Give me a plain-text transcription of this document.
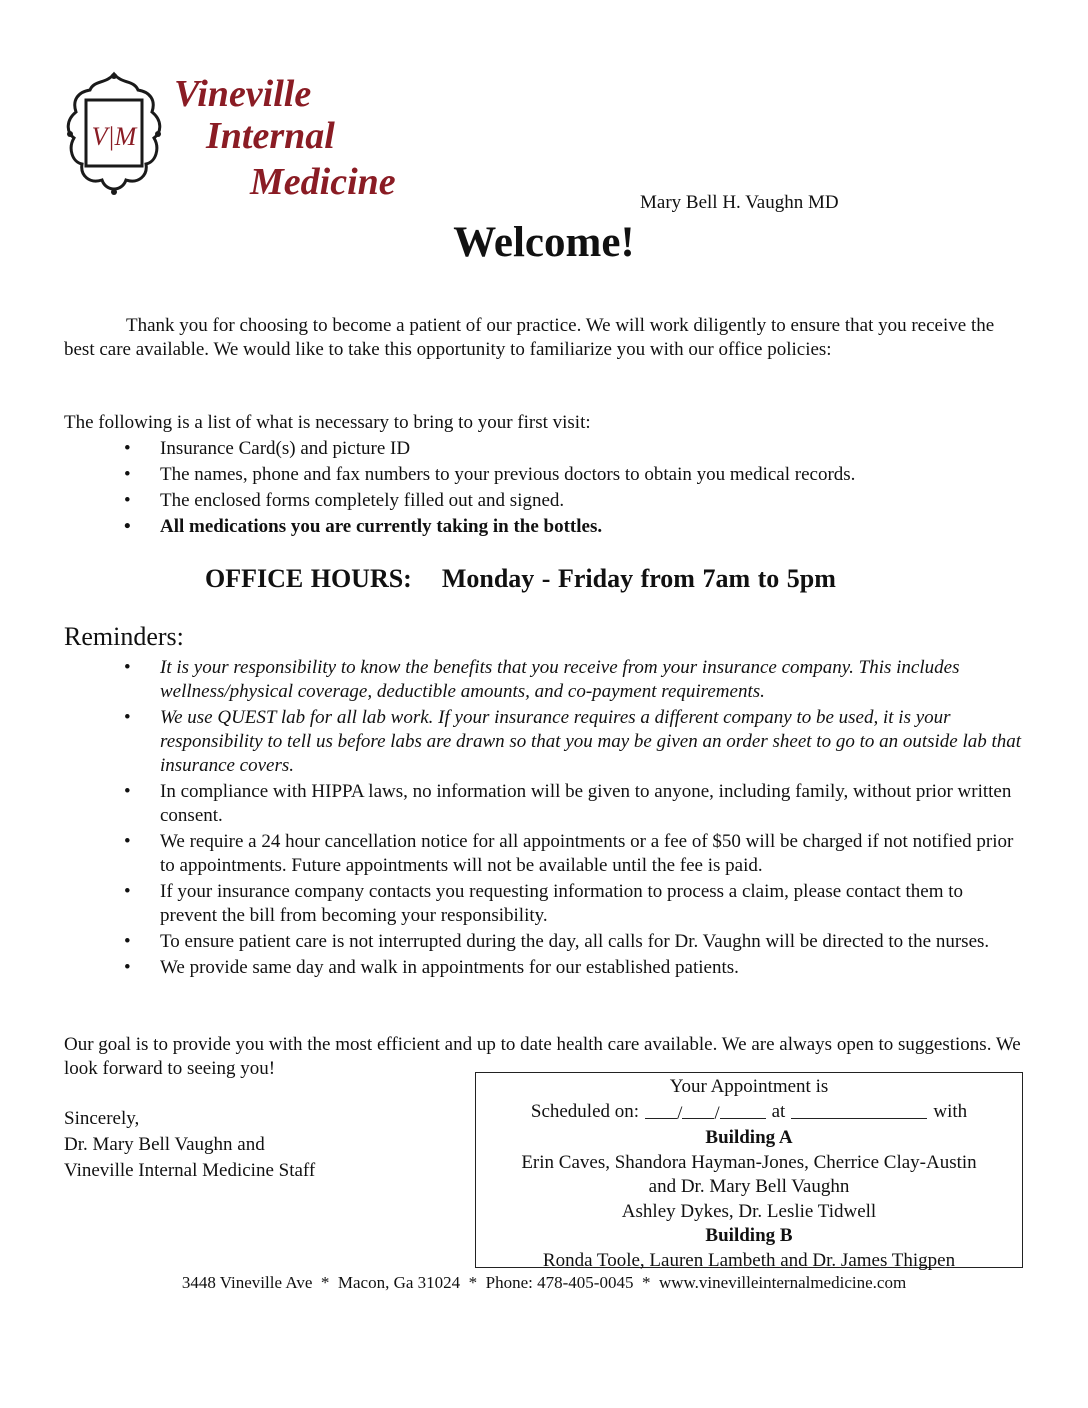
V|M
Vineville
Internal
Medicine	Mary Bell H. Vaughn MD
Welcome!
Thank you for choosing to become a patient of our practice. We will work diligently to ensure that you receive the best care available. We would like to take this opportunity to familiarize you with our office policies:
The following is a list of what is necessary to bring to your first visit:
• Insurance Card(s) and picture ID
• The names, phone and fax numbers to your previous doctors to obtain you medical records.
• The enclosed forms completely filled out and signed.
• All medications you are currently taking in the bottles.
OFFICE HOURS: Monday - Friday from 7am to 5pm
Reminders:
• It is your responsibility to know the benefits that you receive from your insurance company. This includes wellness/physical coverage, deductible amounts, and co-payment requirements.
• We use QUEST lab for all lab work. If your insurance requires a different company to be used, it is your responsibility to tell us before labs are drawn so that you may be given an order sheet to go to an outside lab that insurance covers.
• In compliance with HIPPA laws, no information will be given to anyone, including family, without prior written consent.
• We require a 24 hour cancellation notice for all appointments or a fee of $50 will be charged if not notified prior to appointments. Future appointments will not be available until the fee is paid.
• If your insurance company contacts you requesting information to process a claim, please contact them to prevent the bill from becoming your responsibility.
• To ensure patient care is not interrupted during the day, all calls for Dr. Vaughn will be directed to the nurses.
• We provide same day and walk in appointments for our established patients.
Our goal is to provide you with the most efficient and up to date health care available. We are always open to suggestions. We look forward to seeing you!
Sincerely,
Dr. Mary Bell Vaughn and
Vineville Internal Medicine Staff
Your Appointment is
Scheduled on:	/ /	at	with
Building A
Erin Caves, Shandora Hayman-Jones, Cherrice Clay-Austin
and Dr. Mary Bell Vaughn
Ashley Dykes, Dr. Leslie Tidwell
Building B
Ronda Toole, Lauren Lambeth and Dr. James Thigpen
3448 Vineville Ave  *  Macon, Ga 31024  *  Phone: 478-405-0045  *  www.vinevilleinternalmedicine.com
